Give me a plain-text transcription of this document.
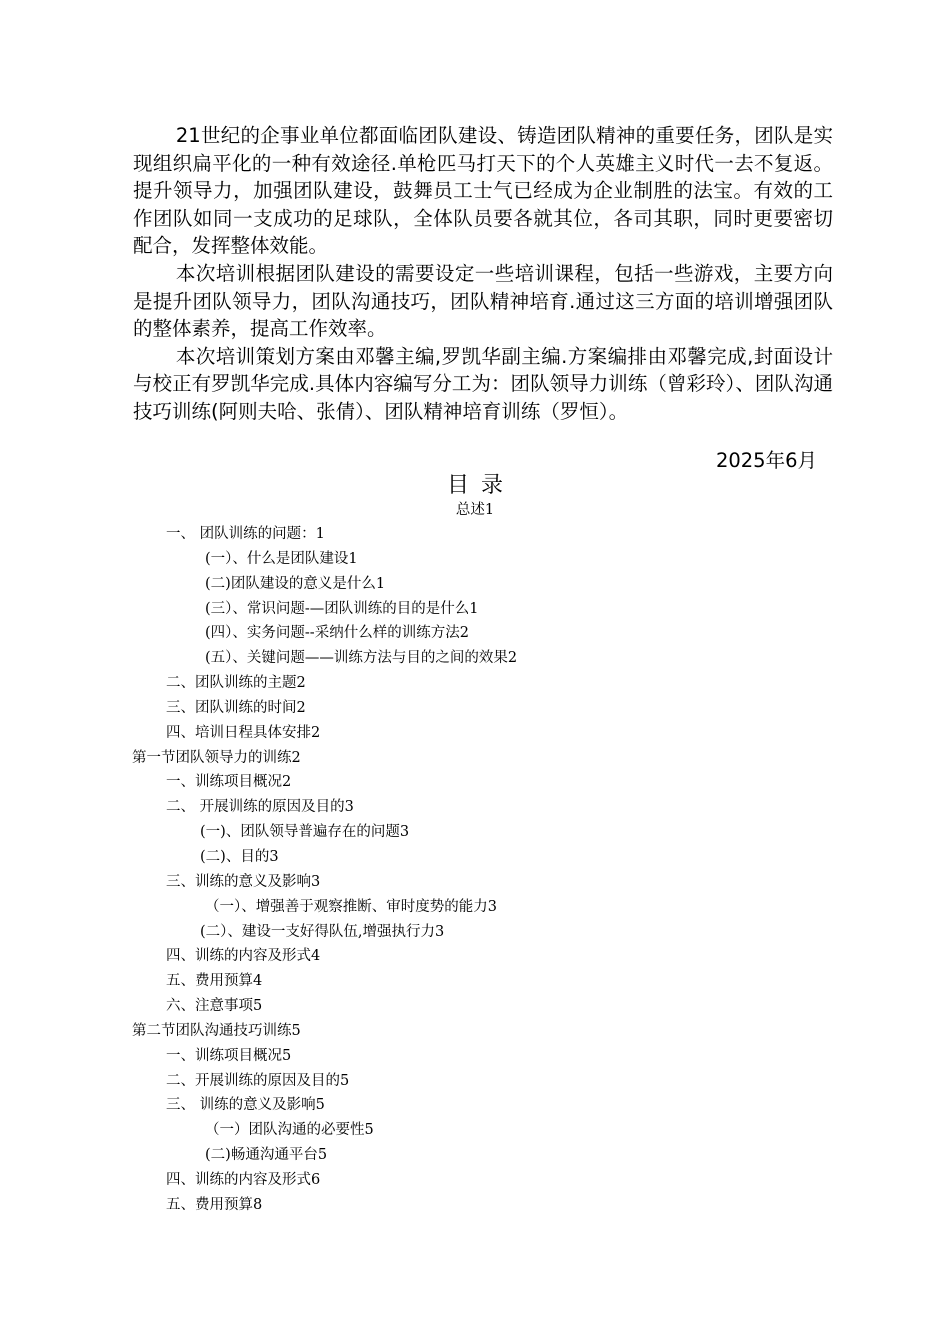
21世纪的企事业单位都面临团队建设、铸造团队精神的重要任务，团队是实现组织扁平化的一种有效途径.单枪匹马打天下的个人英雄主义时代一去不复返。提升领导力，加强团队建设，鼓舞员工士气已经成为企业制胜的法宝。有效的工作团队如同一支成功的足球队，全体队员要各就其位，各司其职，同时更要密切配合，发挥整体效能。

本次培训根据团队建设的需要设定一些培训课程，包括一些游戏，主要方向是提升团队领导力，团队沟通技巧，团队精神培育.通过这三方面的培训增强团队的整体素养，提高工作效率。

本次培训策划方案由邓馨主编,罗凯华副主编.方案编排由邓馨完成,封面设计与校正有罗凯华完成.具体内容编写分工为：团队领导力训练（曾彩玲）、团队沟通技巧训练(阿则夫哈、张倩）、团队精神培育训练（罗恒）。

2025年6月
目录
总述1
一、 团队训练的问题：1
(一）、什么是团队建设1
(二)团队建设的意义是什么1
(三）、常识问题-—团队训练的目的是什么1
(四）、实务问题--采纳什么样的训练方法2
(五）、关键问题——训练方法与目的之间的效果2
二、团队训练的主题2
三、团队训练的时间2
四、培训日程具体安排2
第一节团队领导力的训练2
一、训练项目概况2
二、 开展训练的原因及目的3
(一)、团队领导普遍存在的问题3
(二)、目的3
三、训练的意义及影响3
（一）、增强善于观察推断、审时度势的能力3
(二）、建设一支好得队伍,增强执行力3
四、训练的内容及形式4
五、费用预算4
六、注意事项5
第二节团队沟通技巧训练5
一、训练项目概况5
二、开展训练的原因及目的5
三、 训练的意义及影响5
（一）团队沟通的必要性5
(二)畅通沟通平台5
四、训练的内容及形式6
五、费用预算8
